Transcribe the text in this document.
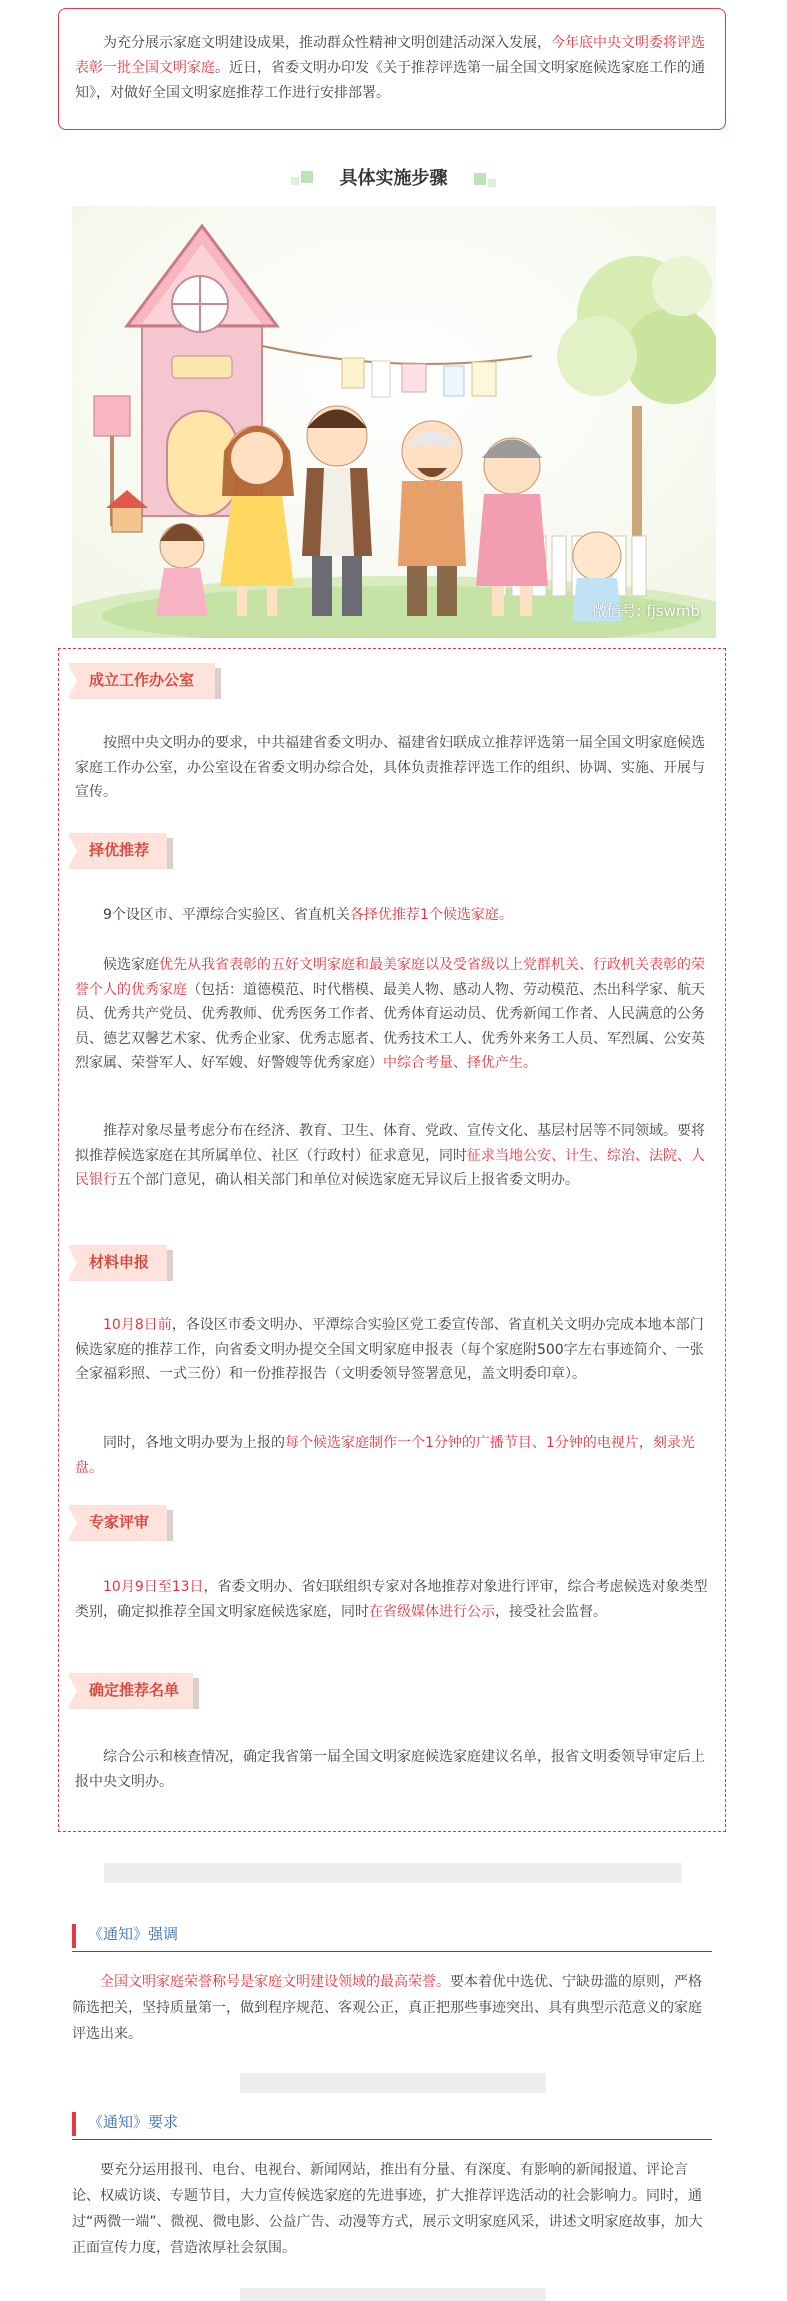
为充分展示家庭文明建设成果，推动群众性精神文明创建活动深入发展，今年底中央文明委将评选表彰一批全国文明家庭。近日，省委文明办印发《关于推荐评选第一届全国文明家庭候选家庭工作的通知》，对做好全国文明家庭推荐工作进行安排部署。

具体实施步骤
微信号: fjswmb
成立工作办公室

按照中央文明办的要求，中共福建省委文明办、福建省妇联成立推荐评选第一届全国文明家庭候选家庭工作办公室，办公室设在省委文明办综合处，具体负责推荐评选工作的组织、协调、实施、开展与宣传。

择优推荐

9个设区市、平潭综合实验区、省直机关各择优推荐1个候选家庭。

候选家庭优先从我省表彰的五好文明家庭和最美家庭以及受省级以上党群机关、行政机关表彰的荣誉个人的优秀家庭（包括：道德模范、时代楷模、最美人物、感动人物、劳动模范、杰出科学家、航天员、优秀共产党员、优秀教师、优秀医务工作者、优秀体育运动员、优秀新闻工作者、人民满意的公务员、德艺双馨艺术家、优秀企业家、优秀志愿者、优秀技术工人、优秀外来务工人员、军烈属、公安英烈家属、荣誉军人、好军嫂、好警嫂等优秀家庭）中综合考量、择优产生。

推荐对象尽量考虑分布在经济、教育、卫生、体育、党政、宣传文化、基层村居等不同领域。要将拟推荐候选家庭在其所属单位、社区（行政村）征求意见，同时征求当地公安、计生、综治、法院、人民银行五个部门意见，确认相关部门和单位对候选家庭无异议后上报省委文明办。

材料申报

10月8日前，各设区市委文明办、平潭综合实验区党工委宣传部、省直机关文明办完成本地本部门候选家庭的推荐工作，向省委文明办提交全国文明家庭申报表（每个家庭附500字左右事迹简介、一张全家福彩照、一式三份）和一份推荐报告（文明委领导签署意见，盖文明委印章）。

同时，各地文明办要为上报的每个候选家庭制作一个1分钟的广播节目、1分钟的电视片，刻录光盘。

专家评审

10月9日至13日，省委文明办、省妇联组织专家对各地推荐对象进行评审，综合考虑候选对象类型类别，确定拟推荐全国文明家庭候选家庭，同时在省级媒体进行公示，接受社会监督。

确定推荐名单

综合公示和核查情况，确定我省第一届全国文明家庭候选家庭建议名单，报省文明委领导审定后上报中央文明办。

《通知》强调

全国文明家庭荣誉称号是家庭文明建设领域的最高荣誉。要本着优中选优、宁缺毋滥的原则，严格筛选把关，坚持质量第一，做到程序规范、客观公正，真正把那些事迹突出、具有典型示范意义的家庭评选出来。

《通知》要求

要充分运用报刊、电台、电视台、新闻网站，推出有分量、有深度、有影响的新闻报道、评论言论、权威访谈、专题节目，大力宣传候选家庭的先进事迹，扩大推荐评选活动的社会影响力。同时，通过“两微一端”、微视、微电影、公益广告、动漫等方式，展示文明家庭风采，讲述文明家庭故事，加大正面宣传力度，营造浓厚社会氛围。
